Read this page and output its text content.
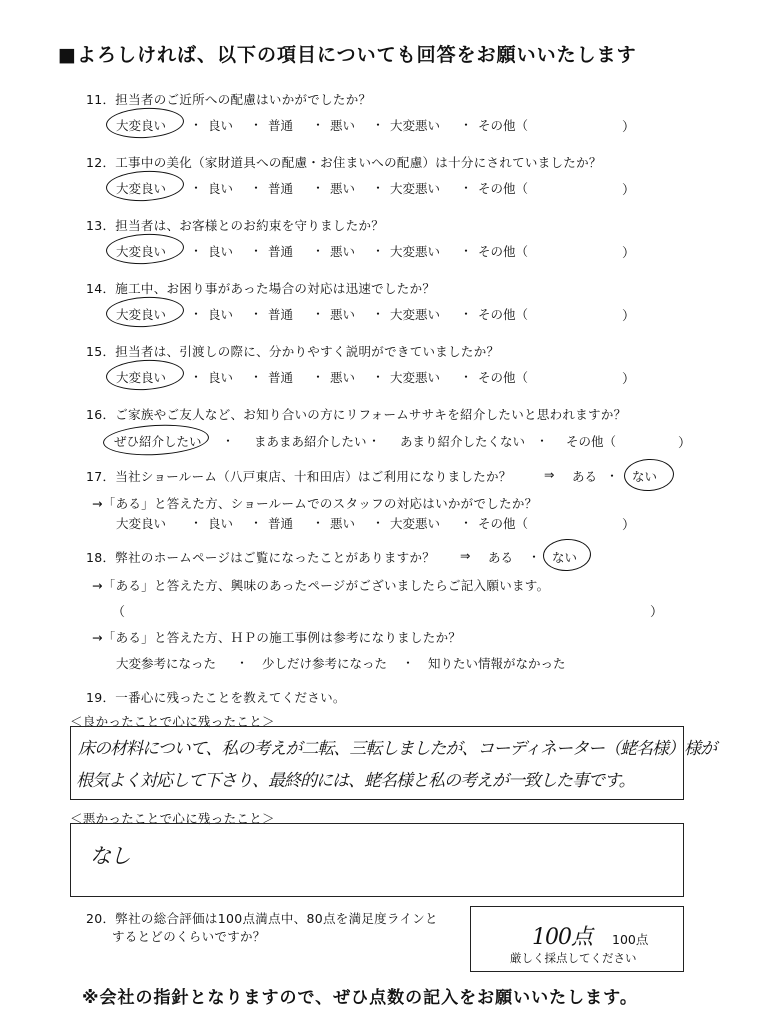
■よろしければ、以下の項目についても回答をお願いいたします
11．担当者のご近所への配慮はいかがでしたか？
大変良い ・ 良い ・ 普通 ・ 悪い ・ 大変悪い ・ その他（	）
12．工事中の美化（家財道具への配慮・お住まいへの配慮）は十分にされていましたか？
大変良い ・ 良い ・ 普通 ・ 悪い ・ 大変悪い ・ その他（	）
13．担当者は、お客様とのお約束を守りましたか？
大変良い ・ 良い ・ 普通 ・ 悪い ・ 大変悪い ・ その他（	）
14．施工中、お困り事があった場合の対応は迅速でしたか？
大変良い ・ 良い ・ 普通 ・ 悪い ・ 大変悪い ・ その他（	）
15．担当者は、引渡しの際に、分かりやすく説明ができていましたか？
大変良い ・ 良い ・ 普通 ・ 悪い ・ 大変悪い ・ その他（	）
16．ご家族やご友人など、お知り合いの方にリフォームササキを紹介したいと思われますか？
ぜひ紹介したい ・ まあまあ紹介したい ・ あまり紹介したくない ・ その他（	）
17．当社ショールーム（八戸東店、十和田店）はご利用になりましたか？	⇒ ある ・ ない
→「ある」と答えた方、ショールームでのスタッフの対応はいかがでしたか？
大変良い ・ 良い ・ 普通 ・ 悪い ・ 大変悪い ・ その他（	）
18．弊社のホームページはご覧になったことがありますか？ ⇒ ある ・ ない
→「ある」と答えた方、興味のあったページがございましたらご記入願います。
（	）
→「ある」と答えた方、ＨＰの施工事例は参考になりましたか？
大変参考になった ・ 少しだけ参考になった ・ 知りたい情報がなかった
19．一番心に残ったことを教えてください。
＜良かったことで心に残ったこと＞
床の材料について、私の考えが二転、三転しましたが、コーディネーター（蛯名様）様が
根気よく対応して下さり、最終的には、蛯名様と私の考えが一致した事です。
＜悪かったことで心に残ったこと＞
なし
20．弊社の総合評価は100点満点中、80点を満足度ラインと
するとどのくらいですか？	100点 100点
厳しく採点してください
※会社の指針となりますので、ぜひ点数の記入をお願いいたします。
